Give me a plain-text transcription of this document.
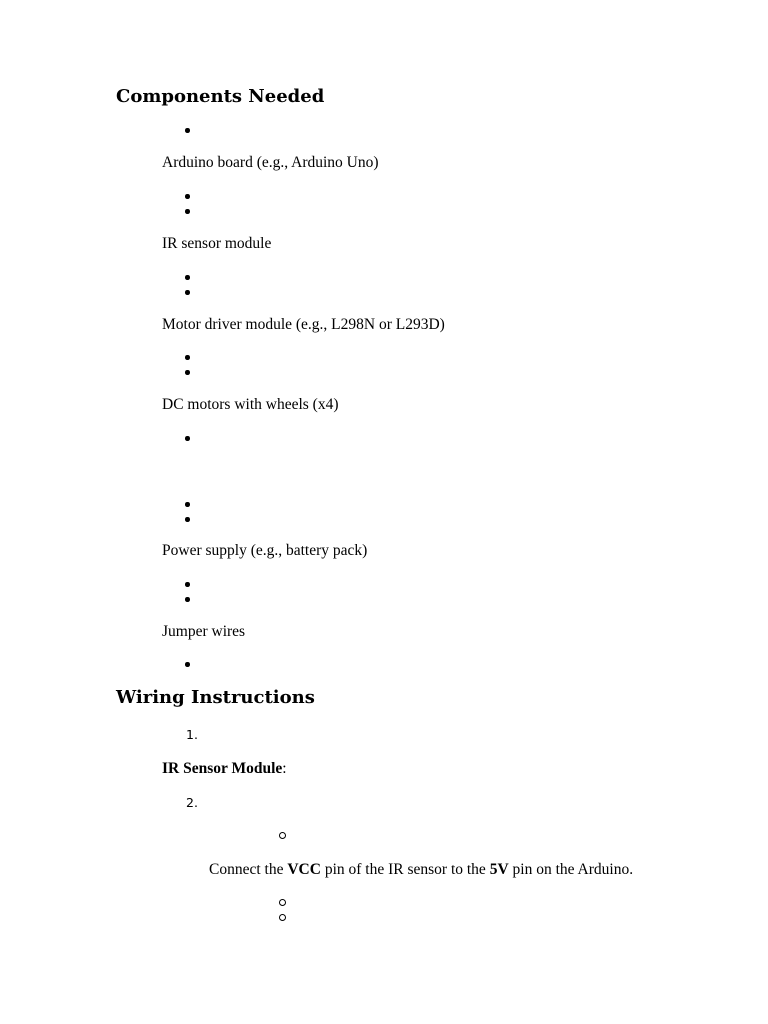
Components Needed
Arduino board (e.g., Arduino Uno)
IR sensor module
Motor driver module (e.g., L298N or L293D)
DC motors with wheels (x4)
Power supply (e.g., battery pack)
Jumper wires
Wiring Instructions
1.
IR Sensor Module:
2.
Connect the VCC pin of the IR sensor to the 5V pin on the Arduino.
